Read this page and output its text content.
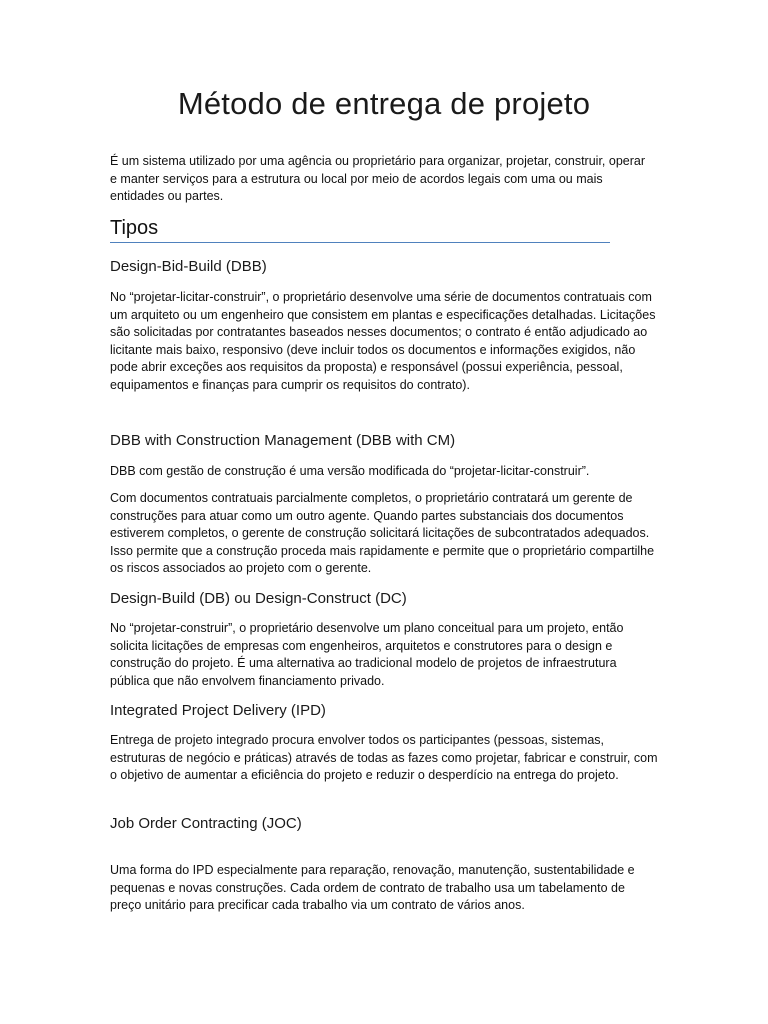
Método de entrega de projeto

É um sistema utilizado por uma agência ou proprietário para organizar, projetar, construir, operar e manter serviços para a estrutura ou local por meio de acordos legais com uma ou mais entidades ou partes.

Tipos
Design-Bid-Build (DBB)

No “projetar-licitar-construir”, o proprietário desenvolve uma série de documentos contratuais com um arquiteto ou um engenheiro que consistem em plantas e especificações detalhadas. Licitações são solicitadas por contratantes baseados nesses documentos; o contrato é então adjudicado ao licitante mais baixo, responsivo (deve incluir todos os documentos e informações exigidos, não pode abrir exceções aos requisitos da proposta) e responsável (possui experiência, pessoal, equipamentos e finanças para cumprir os requisitos do contrato).

DBB with Construction Management (DBB with CM)

DBB com gestão de construção é uma versão modificada do “projetar-licitar-construir”.

Com documentos contratuais parcialmente completos, o proprietário contratará um gerente de construções para atuar como um outro agente. Quando partes substanciais dos documentos estiverem completos, o gerente de construção solicitará licitações de subcontratados adequados. Isso permite que a construção proceda mais rapidamente e permite que o proprietário compartilhe os riscos associados ao projeto com o gerente.

Design-Build (DB) ou Design-Construct (DC)

No “projetar-construir”, o proprietário desenvolve um plano conceitual para um projeto, então solicita licitações de empresas com engenheiros, arquitetos e construtores para o design e construção do projeto. É uma alternativa ao tradicional modelo de projetos de infraestrutura pública que não envolvem financiamento privado.

Integrated Project Delivery (IPD)

Entrega de projeto integrado procura envolver todos os participantes (pessoas, sistemas, estruturas de negócio e práticas) através de todas as fazes como projetar, fabricar e construir, com o objetivo de aumentar a eficiência do projeto e reduzir o desperdício na entrega do projeto.

Job Order Contracting (JOC)

Uma forma do IPD especialmente para reparação, renovação, manutenção, sustentabilidade e pequenas e novas construções. Cada ordem de contrato de trabalho usa um tabelamento de preço unitário para precificar cada trabalho via um contrato de vários anos.
